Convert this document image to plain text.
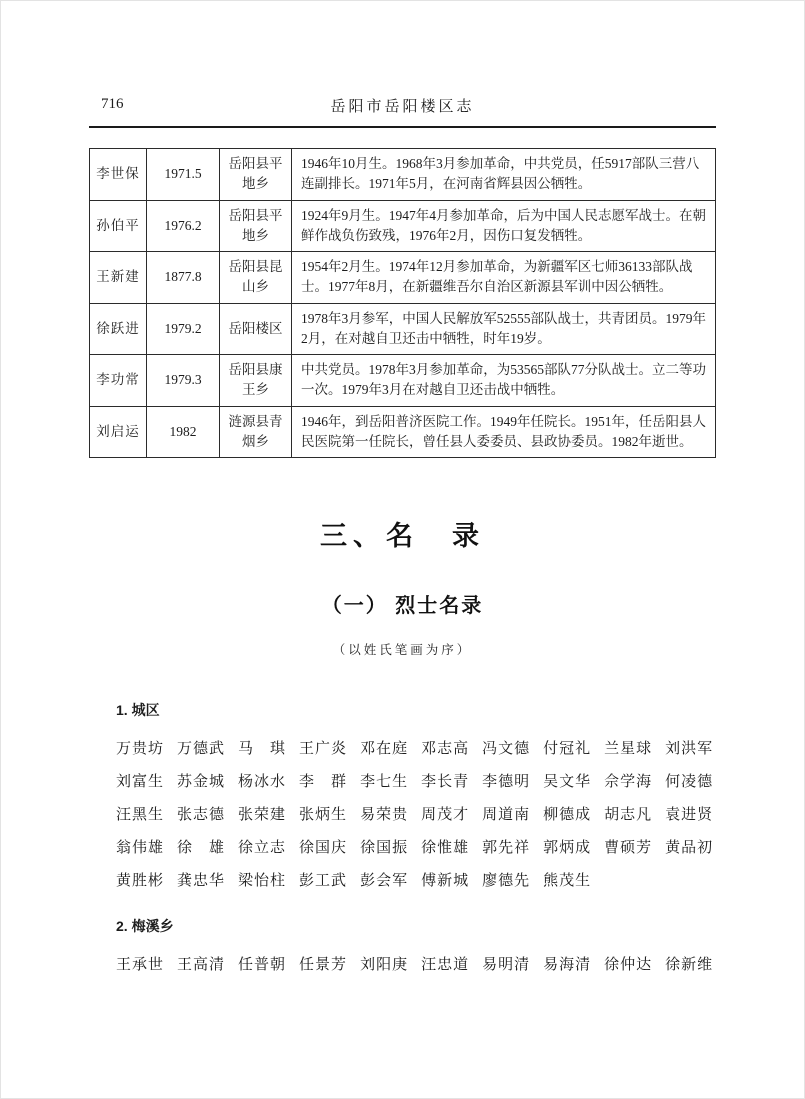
716	岳阳市岳阳楼区志
李世保	1971.5	岳阳县平地乡	1946年10月生。1968年3月参加革命，中共党员，任5917部队三营八连副排长。1971年5月，在河南省辉县因公牺牲。
孙伯平	1976.2	岳阳县平地乡	1924年9月生。1947年4月参加革命，后为中国人民志愿军战士。在朝鲜作战负伤致残，1976年2月，因伤口复发牺牲。
王新建	1877.8	岳阳县昆山乡	1954年2月生。1974年12月参加革命，为新疆军区七师36133部队战士。1977年8月，在新疆维吾尔自治区新源县军训中因公牺牲。
徐跃进	1979.2	岳阳楼区	1978年3月参军，中国人民解放军52555部队战士，共青团员。1979年2月，在对越自卫还击中牺牲，时年19岁。
李功常	1979.3	岳阳县康王乡	中共党员。1978年3月参加革命，为53565部队77分队战士。立二等功一次。1979年3月在对越自卫还击战中牺牲。
刘启运	1982	涟源县青烟乡	1946年，到岳阳普济医院工作。1949年任院长。1951年，任岳阳县人民医院第一任院长，曾任县人委委员、县政协委员。1982年逝世。
三、名　录
（一） 烈士名录
（以姓氏笔画为序）
1. 城区
万贵坊 万德武 马　琪 王广炎 邓在庭 邓志高 冯文德 付冠礼 兰星球 刘洪军
刘富生 苏金城 杨冰水 李　群 李七生 李长青 李德明 吴文华 佘学海 何凌德
汪黑生 张志德 张荣建 张炳生 易荣贵 周茂才 周道南 柳德成 胡志凡 袁进贤
翁伟雄 徐　雄 徐立志 徐国庆 徐国振 徐惟雄 郭先祥 郭炳成 曹硕芳 黄品初
黄胜彬 龚忠华 梁怡柱 彭工武 彭会军 傅新城 廖德先 熊茂生
2. 梅溪乡
王承世 王高清 任普朝 任景芳 刘阳庚 汪忠道 易明清 易海清 徐仲达 徐新维
